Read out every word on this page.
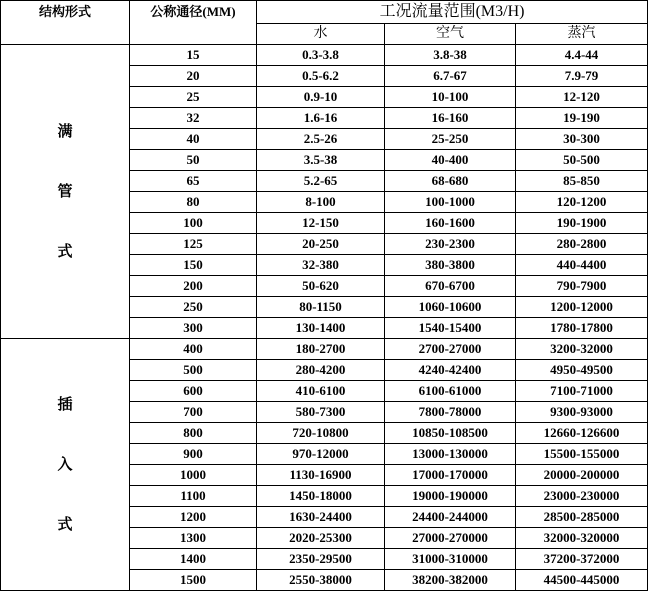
结构形式	公称通径(MM)	工况流量范围(M3/H)		
		水	空气	蒸汽

满
管
式	15	0.3-3.8	3.8-38	4.4-44
	20	0.5-6.2	6.7-67	7.9-79
	25	0.9-10	10-100	12-120
	32	1.6-16	16-160	19-190
	40	2.5-26	25-250	30-300
	50	3.5-38	40-400	50-500
	65	5.2-65	68-680	85-850
	80	8-100	100-1000	120-1200
	100	12-150	160-1600	190-1900
	125	20-250	230-2300	280-2800
	150	32-380	380-3800	440-4400
	200	50-620	670-6700	790-7900
	250	80-1150	1060-10600	1200-12000
	300	130-1400	1540-15400	1780-17800

插
入
式	400	180-2700	2700-27000	3200-32000
	500	280-4200	4240-42400	4950-49500
	600	410-6100	6100-61000	7100-71000
	700	580-7300	7800-78000	9300-93000
	800	720-10800	10850-108500	12660-126600
	900	970-12000	13000-130000	15500-155000
	1000	1130-16900	17000-170000	20000-200000
	1100	1450-18000	19000-190000	23000-230000
	1200	1630-24400	24400-244000	28500-285000
	1300	2020-25300	27000-270000	32000-320000
	1400	2350-29500	31000-310000	37200-372000
	1500	2550-38000	38200-382000	44500-445000
